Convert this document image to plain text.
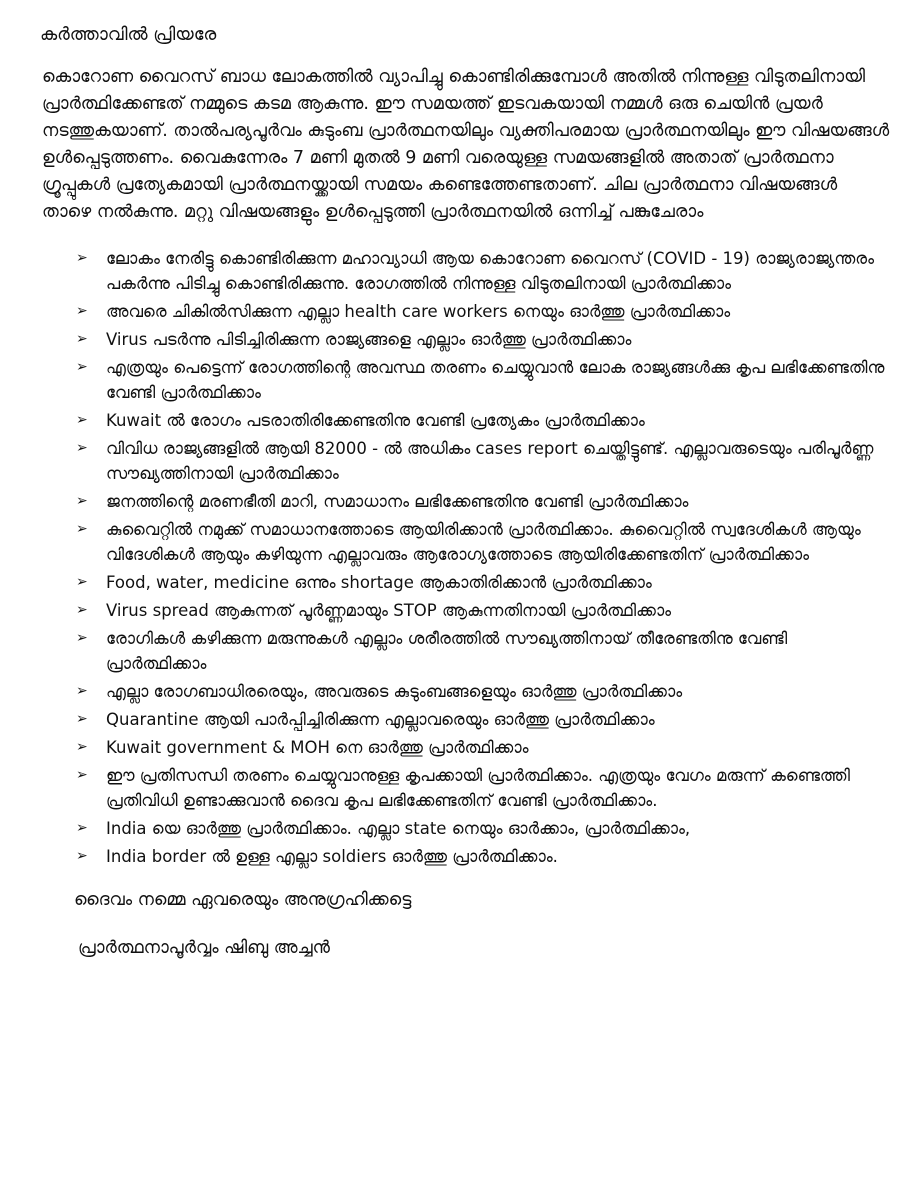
കർത്താവിൽ പ്രിയരേ

കൊറോണ വൈറസ് ബാധ ലോകത്തിൽ വ്യാപിച്ചു കൊണ്ടിരിക്കുമ്പോൾ അതിൽ നിന്നുള്ള വിടുതലിനായി പ്രാർത്ഥിക്കേണ്ടത് നമ്മുടെ കടമ ആകുന്നു. ഈ സമയത്ത് ഇടവകയായി നമ്മൾ ഒരു ചെയിൻ പ്രയർ നടത്തുകയാണ്. താൽപര്യപൂർവം കുടുംബ പ്രാർത്ഥനയിലും വ്യക്തിപരമായ പ്രാർത്ഥനയിലും ഈ വിഷയങ്ങൾ ഉൾപ്പെടുത്തണം. വൈകുന്നേരം 7 മണി മുതൽ 9 മണി വരെയുള്ള സമയങ്ങളിൽ അതാത് പ്രാർത്ഥനാ ഗ്രൂപ്പുകൾ പ്രത്യേകമായി പ്രാർത്ഥനയ്ക്കായി സമയം കണ്ടെത്തേണ്ടതാണ്. ചില പ്രാർത്ഥനാ വിഷയങ്ങൾ താഴെ നൽകുന്നു. മറ്റു വിഷയങ്ങളും ഉൾപ്പെടുത്തി പ്രാർത്ഥനയിൽ ഒന്നിച്ച് പങ്കുചേരാം

➢ ലോകം നേരിട്ടു കൊണ്ടിരിക്കുന്ന മഹാവ്യാധി ആയ കൊറോണ വൈറസ് (COVID - 19) രാജ്യരാജ്യന്തരം പകർന്നു പിടിച്ചു കൊണ്ടിരിക്കുന്നു. രോഗത്തിൽ നിന്നുള്ള വിടുതലിനായി പ്രാർത്ഥിക്കാം
➢ അവരെ ചികിൽസിക്കുന്ന എല്ലാ health care workers നെയും ഓർത്തു പ്രാർത്ഥിക്കാം
➢ Virus പടർന്നു പിടിച്ചിരിക്കുന്ന രാജ്യങ്ങളെ എല്ലാം ഓർത്തു പ്രാർത്ഥിക്കാം
➢ എത്രയും പെട്ടെന്ന് രോഗത്തിന്റെ അവസ്ഥ തരണം ചെയ്യുവാൻ ലോക രാജ്യങ്ങൾക്കു കൃപ ലഭിക്കേണ്ടതിനു വേണ്ടി പ്രാർത്ഥിക്കാം
➢ Kuwait ൽ രോഗം പടരാതിരിക്കേണ്ടതിനു വേണ്ടി പ്രത്യേകം പ്രാർത്ഥിക്കാം
➢ വിവിധ രാജ്യങ്ങളിൽ ആയി 82000 - ൽ അധികം cases report ചെയ്തിട്ടുണ്ട്. എല്ലാവരുടെയും പരിപൂർണ്ണ സൗഖ്യത്തിനായി പ്രാർത്ഥിക്കാം
➢ ജനത്തിന്റെ മരണഭീതി മാറി, സമാധാനം ലഭിക്കേണ്ടതിനു വേണ്ടി പ്രാർത്ഥിക്കാം
➢ കുവൈറ്റിൽ നമുക്ക് സമാധാനത്തോടെ ആയിരിക്കാൻ പ്രാർത്ഥിക്കാം. കുവൈറ്റിൽ സ്വദേശികൾ ആയും വിദേശികൾ ആയും കഴിയുന്ന എല്ലാവരും ആരോഗ്യത്തോടെ ആയിരിക്കേണ്ടതിന് പ്രാർത്ഥിക്കാം
➢ Food, water, medicine ഒന്നും shortage ആകാതിരിക്കാൻ പ്രാർത്ഥിക്കാം
➢ Virus spread ആകുന്നത് പൂർണ്ണമായും STOP ആകുന്നതിനായി പ്രാർത്ഥിക്കാം
➢ രോഗികൾ കഴിക്കുന്ന മരുന്നുകൾ എല്ലാം ശരീരത്തിൽ സൗഖ്യത്തിനായ് തീരേണ്ടതിനു വേണ്ടി പ്രാർത്ഥിക്കാം
➢ എല്ലാ രോഗബാധിരരെയും, അവരുടെ കുടുംബങ്ങളെയും ഓർത്തു പ്രാർത്ഥിക്കാം
➢ Quarantine ആയി പാർപ്പിച്ചിരിക്കുന്ന എല്ലാവരെയും ഓർത്തു പ്രാർത്ഥിക്കാം
➢ Kuwait government & MOH നെ ഓർത്തു പ്രാർത്ഥിക്കാം
➢ ഈ പ്രതിസന്ധി തരണം ചെയ്യുവാനുള്ള കൃപക്കായി പ്രാർത്ഥിക്കാം. എത്രയും വേഗം മരുന്ന് കണ്ടെത്തി പ്രതിവിധി ഉണ്ടാക്കുവാൻ ദൈവ കൃപ ലഭിക്കേണ്ടതിന് വേണ്ടി പ്രാർത്ഥിക്കാം.
➢ India യെ ഓർത്തു പ്രാർത്ഥിക്കാം. എല്ലാ state നെയും ഓർക്കാം, പ്രാർത്ഥിക്കാം,
➢ India border ൽ ഉള്ള എല്ലാ soldiers ഓർത്തു പ്രാർത്ഥിക്കാം.

ദൈവം നമ്മെ ഏവരെയും അനുഗ്രഹിക്കട്ടെ

പ്രാർത്ഥനാപൂർവ്വം ഷിബു അച്ചൻ
